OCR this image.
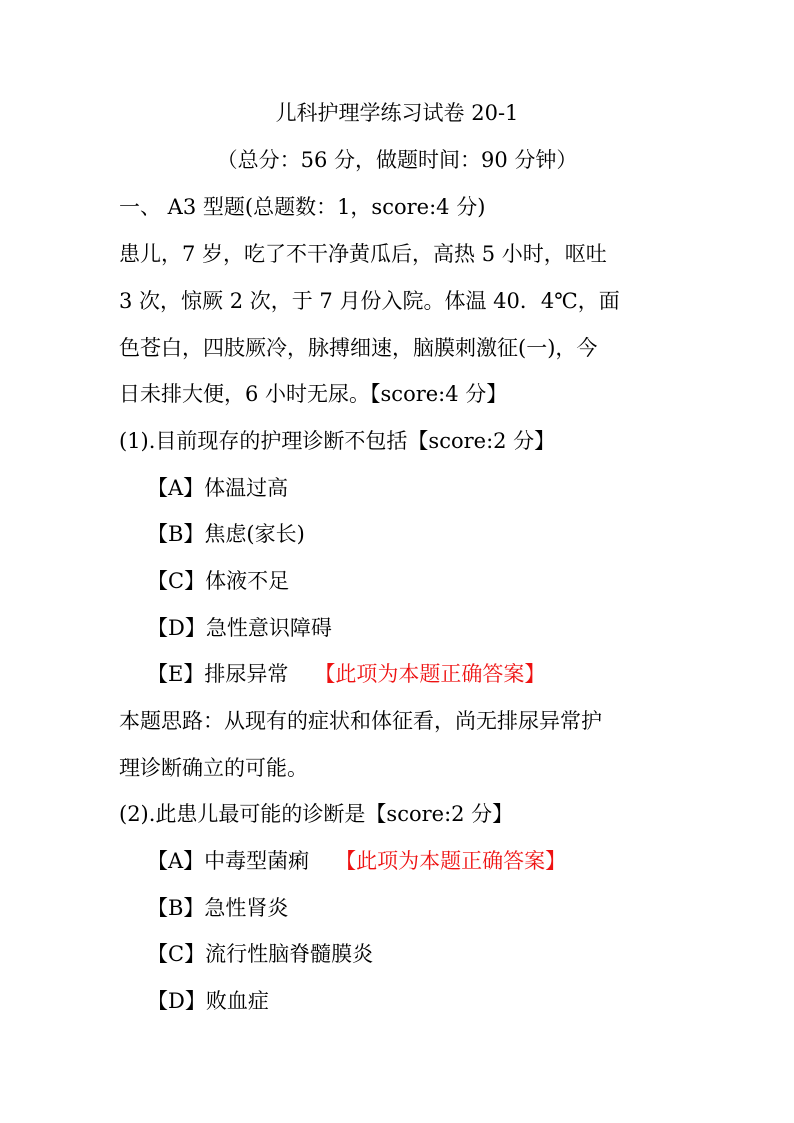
儿科护理学练习试卷 20-1
（总分：56 分，做题时间：90 分钟）
一、 A3 型题(总题数：1，score:4 分)
患儿，7 岁，吃了不干净黄瓜后，高热 5 小时，呕吐
3 次，惊厥 2 次，于 7 月份入院。体温 40．4℃，面
色苍白，四肢厥冷，脉搏细速，脑膜刺激征(一)，今
日未排大便，6 小时无尿。【score:4 分】
(1).目前现存的护理诊断不包括【score:2 分】
【A】体温过高
【B】焦虑(家长)
【C】体液不足
【D】急性意识障碍
【E】排尿异常 【此项为本题正确答案】
本题思路：从现有的症状和体征看，尚无排尿异常护
理诊断确立的可能。
(2).此患儿最可能的诊断是【score:2 分】
【A】中毒型菌痢 【此项为本题正确答案】
【B】急性肾炎
【C】流行性脑脊髓膜炎
【D】败血症
